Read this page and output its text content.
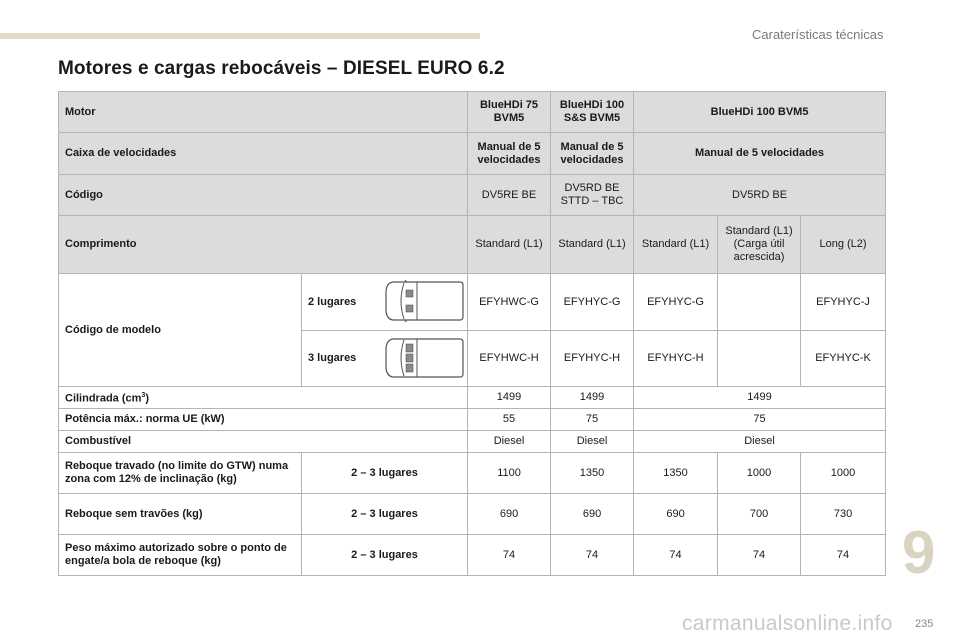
Caraterísticas técnicas
Motores e cargas rebocáveis – DIESEL EURO 6.2
Motor		BlueHDi 75 BVM5	BlueHDi 100 S&S BVM5	BlueHDi 100 BVM5		
Caixa de velocidades		Manual de 5 velocidades	Manual de 5 velocidades	Manual de 5 velocidades		
Código		DV5RE BE	DV5RD BE STTD – TBC	DV5RD BE		
Comprimento		Standard (L1)	Standard (L1)	Standard (L1)	Standard (L1) (Carga útil acrescida)	Long (L2)
Código de modelo	2 lugares	EFYHWC-G	EFYHYC-G	EFYHYC-G		EFYHYC-J
	3 lugares	EFYHWC-H	EFYHYC-H	EFYHYC-H		EFYHYC-K
Cilindrada $(cm^3)$		1499	1499	1499		
Potência máx.: norma UE (kW)		55	75	75		
Combustível		Diesel	Diesel	Diesel		
Reboque travado (no limite do GTW) numa zona com 12% de inclinação (kg)	2 – 3 lugares	1100	1350	1350	1000	1000
Reboque sem travões (kg)	2 – 3 lugares	690	690	690	700	730
Peso máximo autorizado sobre o ponto de engate/a bola de reboque (kg)	2 – 3 lugares	74	74	74	74	74 9
235
carmanualsonline.info
